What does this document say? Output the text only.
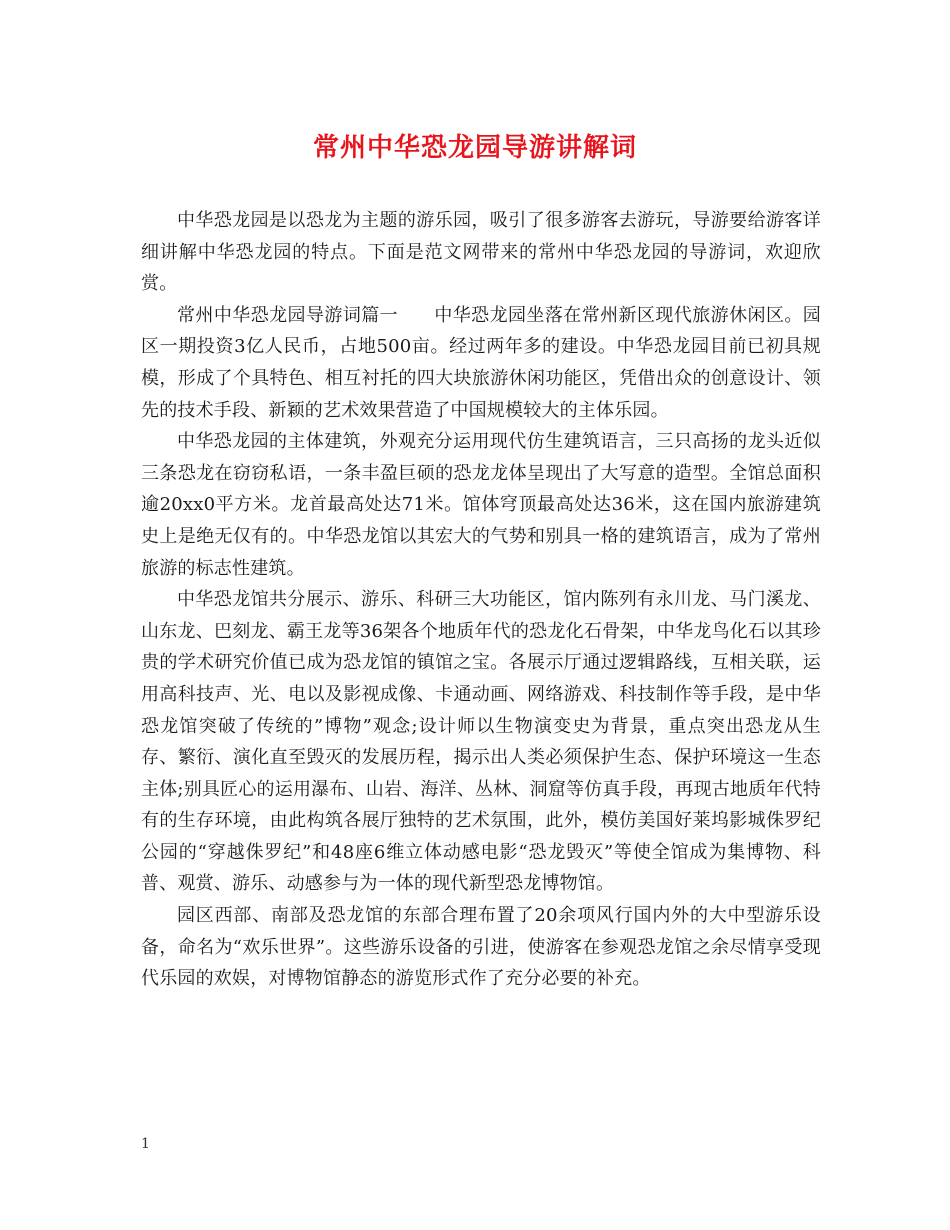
常州中华恐龙园导游讲解词

中华恐龙园是以恐龙为主题的游乐园，吸引了很多游客去游玩，导游要给游客详细讲解中华恐龙园的特点。下面是范文网带来的常州中华恐龙园的导游词，欢迎欣赏。

常州中华恐龙园导游词篇一 中华恐龙园坐落在常州新区现代旅游休闲区。园区一期投资3亿人民币，占地500亩。经过两年多的建设。中华恐龙园目前已初具规模，形成了个具特色、相互衬托的四大块旅游休闲功能区，凭借出众的创意设计、领先的技术手段、新颖的艺术效果营造了中国规模较大的主体乐园。

中华恐龙园的主体建筑，外观充分运用现代仿生建筑语言，三只高扬的龙头近似三条恐龙在窃窃私语，一条丰盈巨硕的恐龙龙体呈现出了大写意的造型。全馆总面积逾20xx0平方米。龙首最高处达71米。馆体穹顶最高处达36米，这在国内旅游建筑史上是绝无仅有的。中华恐龙馆以其宏大的气势和别具一格的建筑语言，成为了常州旅游的标志性建筑。

中华恐龙馆共分展示、游乐、科研三大功能区，馆内陈列有永川龙、马门溪龙、山东龙、巴刻龙、霸王龙等36架各个地质年代的恐龙化石骨架，中华龙鸟化石以其珍贵的学术研究价值已成为恐龙馆的镇馆之宝。各展示厅通过逻辑路线，互相关联，运用高科技声、光、电以及影视成像、卡通动画、网络游戏、科技制作等手段，是中华恐龙馆突破了传统的”博物”观念;设计师以生物演变史为背景，重点突出恐龙从生存、繁衍、演化直至毁灭的发展历程，揭示出人类必须保护生态、保护环境这一生态主体;别具匠心的运用瀑布、山岩、海洋、丛林、洞窟等仿真手段，再现古地质年代特有的生存环境，由此构筑各展厅独特的艺术氛围，此外，模仿美国好莱坞影城侏罗纪公园的“穿越侏罗纪”和48座6维立体动感电影“恐龙毁灭”等使全馆成为集博物、科普、观赏、游乐、动感参与为一体的现代新型恐龙博物馆。

园区西部、南部及恐龙馆的东部合理布置了20余项风行国内外的大中型游乐设备，命名为“欢乐世界”。这些游乐设备的引进，使游客在参观恐龙馆之余尽情享受现代乐园的欢娱，对博物馆静态的游览形式作了充分必要的补充。

1
